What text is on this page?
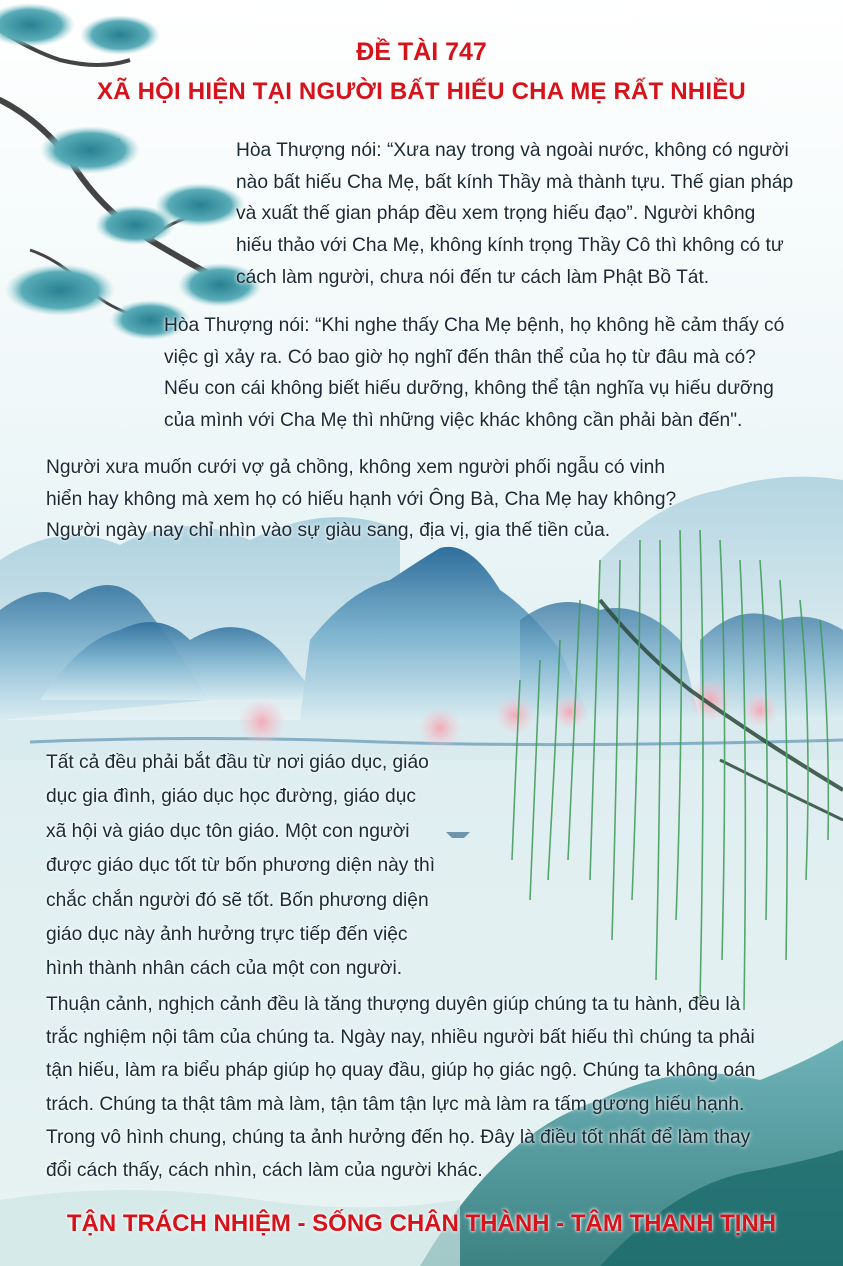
ĐỀ TÀI 747
XÃ HỘI HIỆN TẠI NGƯỜI BẤT HIẾU CHA MẸ RẤT NHIỀU
Hòa Thượng nói: “Xưa nay trong và ngoài nước, không có người
nào bất hiếu Cha Mẹ, bất kính Thầy mà thành tựu. Thế gian pháp
và xuất thế gian pháp đều xem trọng hiếu đạo”. Người không
hiếu thảo với Cha Mẹ, không kính trọng Thầy Cô thì không có tư
cách làm người, chưa nói đến tư cách làm Phật Bồ Tát.
Hòa Thượng nói: “Khi nghe thấy Cha Mẹ bệnh, họ không hề cảm thấy có
việc gì xảy ra. Có bao giờ họ nghĩ đến thân thể của họ từ đâu mà có?
Nếu con cái không biết hiếu dưỡng, không thể tận nghĩa vụ hiếu dưỡng
của mình với Cha Mẹ thì những việc khác không cần phải bàn đến".
Người xưa muốn cưới vợ gả chồng, không xem người phối ngẫu có vinh
hiển hay không mà xem họ có hiếu hạnh với Ông Bà, Cha Mẹ hay không?
Người ngày nay chỉ nhìn vào sự giàu sang, địa vị, gia thế tiền của.
Tất cả đều phải bắt đầu từ nơi giáo dục, giáo
dục gia đình, giáo dục học đường, giáo dục
xã hội và giáo dục tôn giáo. Một con người
được giáo dục tốt từ bốn phương diện này thì
chắc chắn người đó sẽ tốt. Bốn phương diện
giáo dục này ảnh hưởng trực tiếp đến việc
hình thành nhân cách của một con người.
Thuận cảnh, nghịch cảnh đều là tăng thượng duyên giúp chúng ta tu hành, đều là
trắc nghiệm nội tâm của chúng ta. Ngày nay, nhiều người bất hiếu thì chúng ta phải
tận hiếu, làm ra biểu pháp giúp họ quay đầu, giúp họ giác ngộ. Chúng ta không oán
trách. Chúng ta thật tâm mà làm, tận tâm tận lực mà làm ra tấm gương hiếu hạnh.
Trong vô hình chung, chúng ta ảnh hưởng đến họ. Đây là điều tốt nhất để làm thay
đổi cách thấy, cách nhìn, cách làm của người khác.

TẬN TRÁCH NHIỆM - SỐNG CHÂN THÀNH - TÂM THANH TỊNH
